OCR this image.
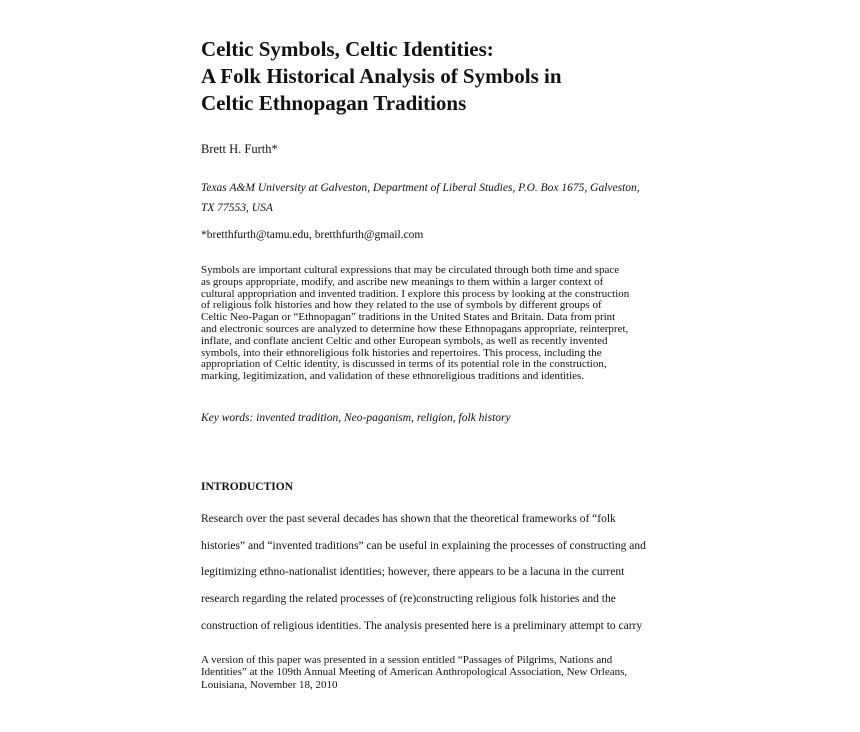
Celtic Symbols, Celtic Identities:
A Folk Historical Analysis of Symbols in
Celtic Ethnopagan Traditions
Brett H. Furth*
Texas A&M University at Galveston, Department of Liberal Studies, P.O. Box 1675, Galveston,
TX 77553, USA
*bretthfurth@tamu.edu, bretthfurth@gmail.com

Symbols are important cultural expressions that may be circulated through both time and space
as groups appropriate, modify, and ascribe new meanings to them within a larger context of
cultural appropriation and invented tradition. I explore this process by looking at the construction
of religious folk histories and how they related to the use of symbols by different groups of
Celtic Neo-Pagan or “Ethnopagan” traditions in the United States and Britain. Data from print
and electronic sources are analyzed to determine how these Ethnopagans appropriate, reinterpret,
inflate, and conflate ancient Celtic and other European symbols, as well as recently invented
symbols, into their ethnoreligious folk histories and repertoires. This process, including the
appropriation of Celtic identity, is discussed in terms of its potential role in the construction,
marking, legitimization, and validation of these ethnoreligious traditions and identities.

Key words: invented tradition, Neo-paganism, religion, folk history
INTRODUCTION
Research over the past several decades has shown that the theoretical frameworks of “folk
histories” and “invented traditions” can be useful in explaining the processes of constructing and
legitimizing ethno-nationalist identities; however, there appears to be a lacuna in the current
research regarding the related processes of (re)constructing religious folk histories and the
construction of religious identities. The analysis presented here is a preliminary attempt to carry
A version of this paper was presented in a session entitled “Passages of Pilgrims, Nations and
Identities” at the 109th Annual Meeting of American Anthropological Association, New Orleans,
Louisiana, November 18, 2010
